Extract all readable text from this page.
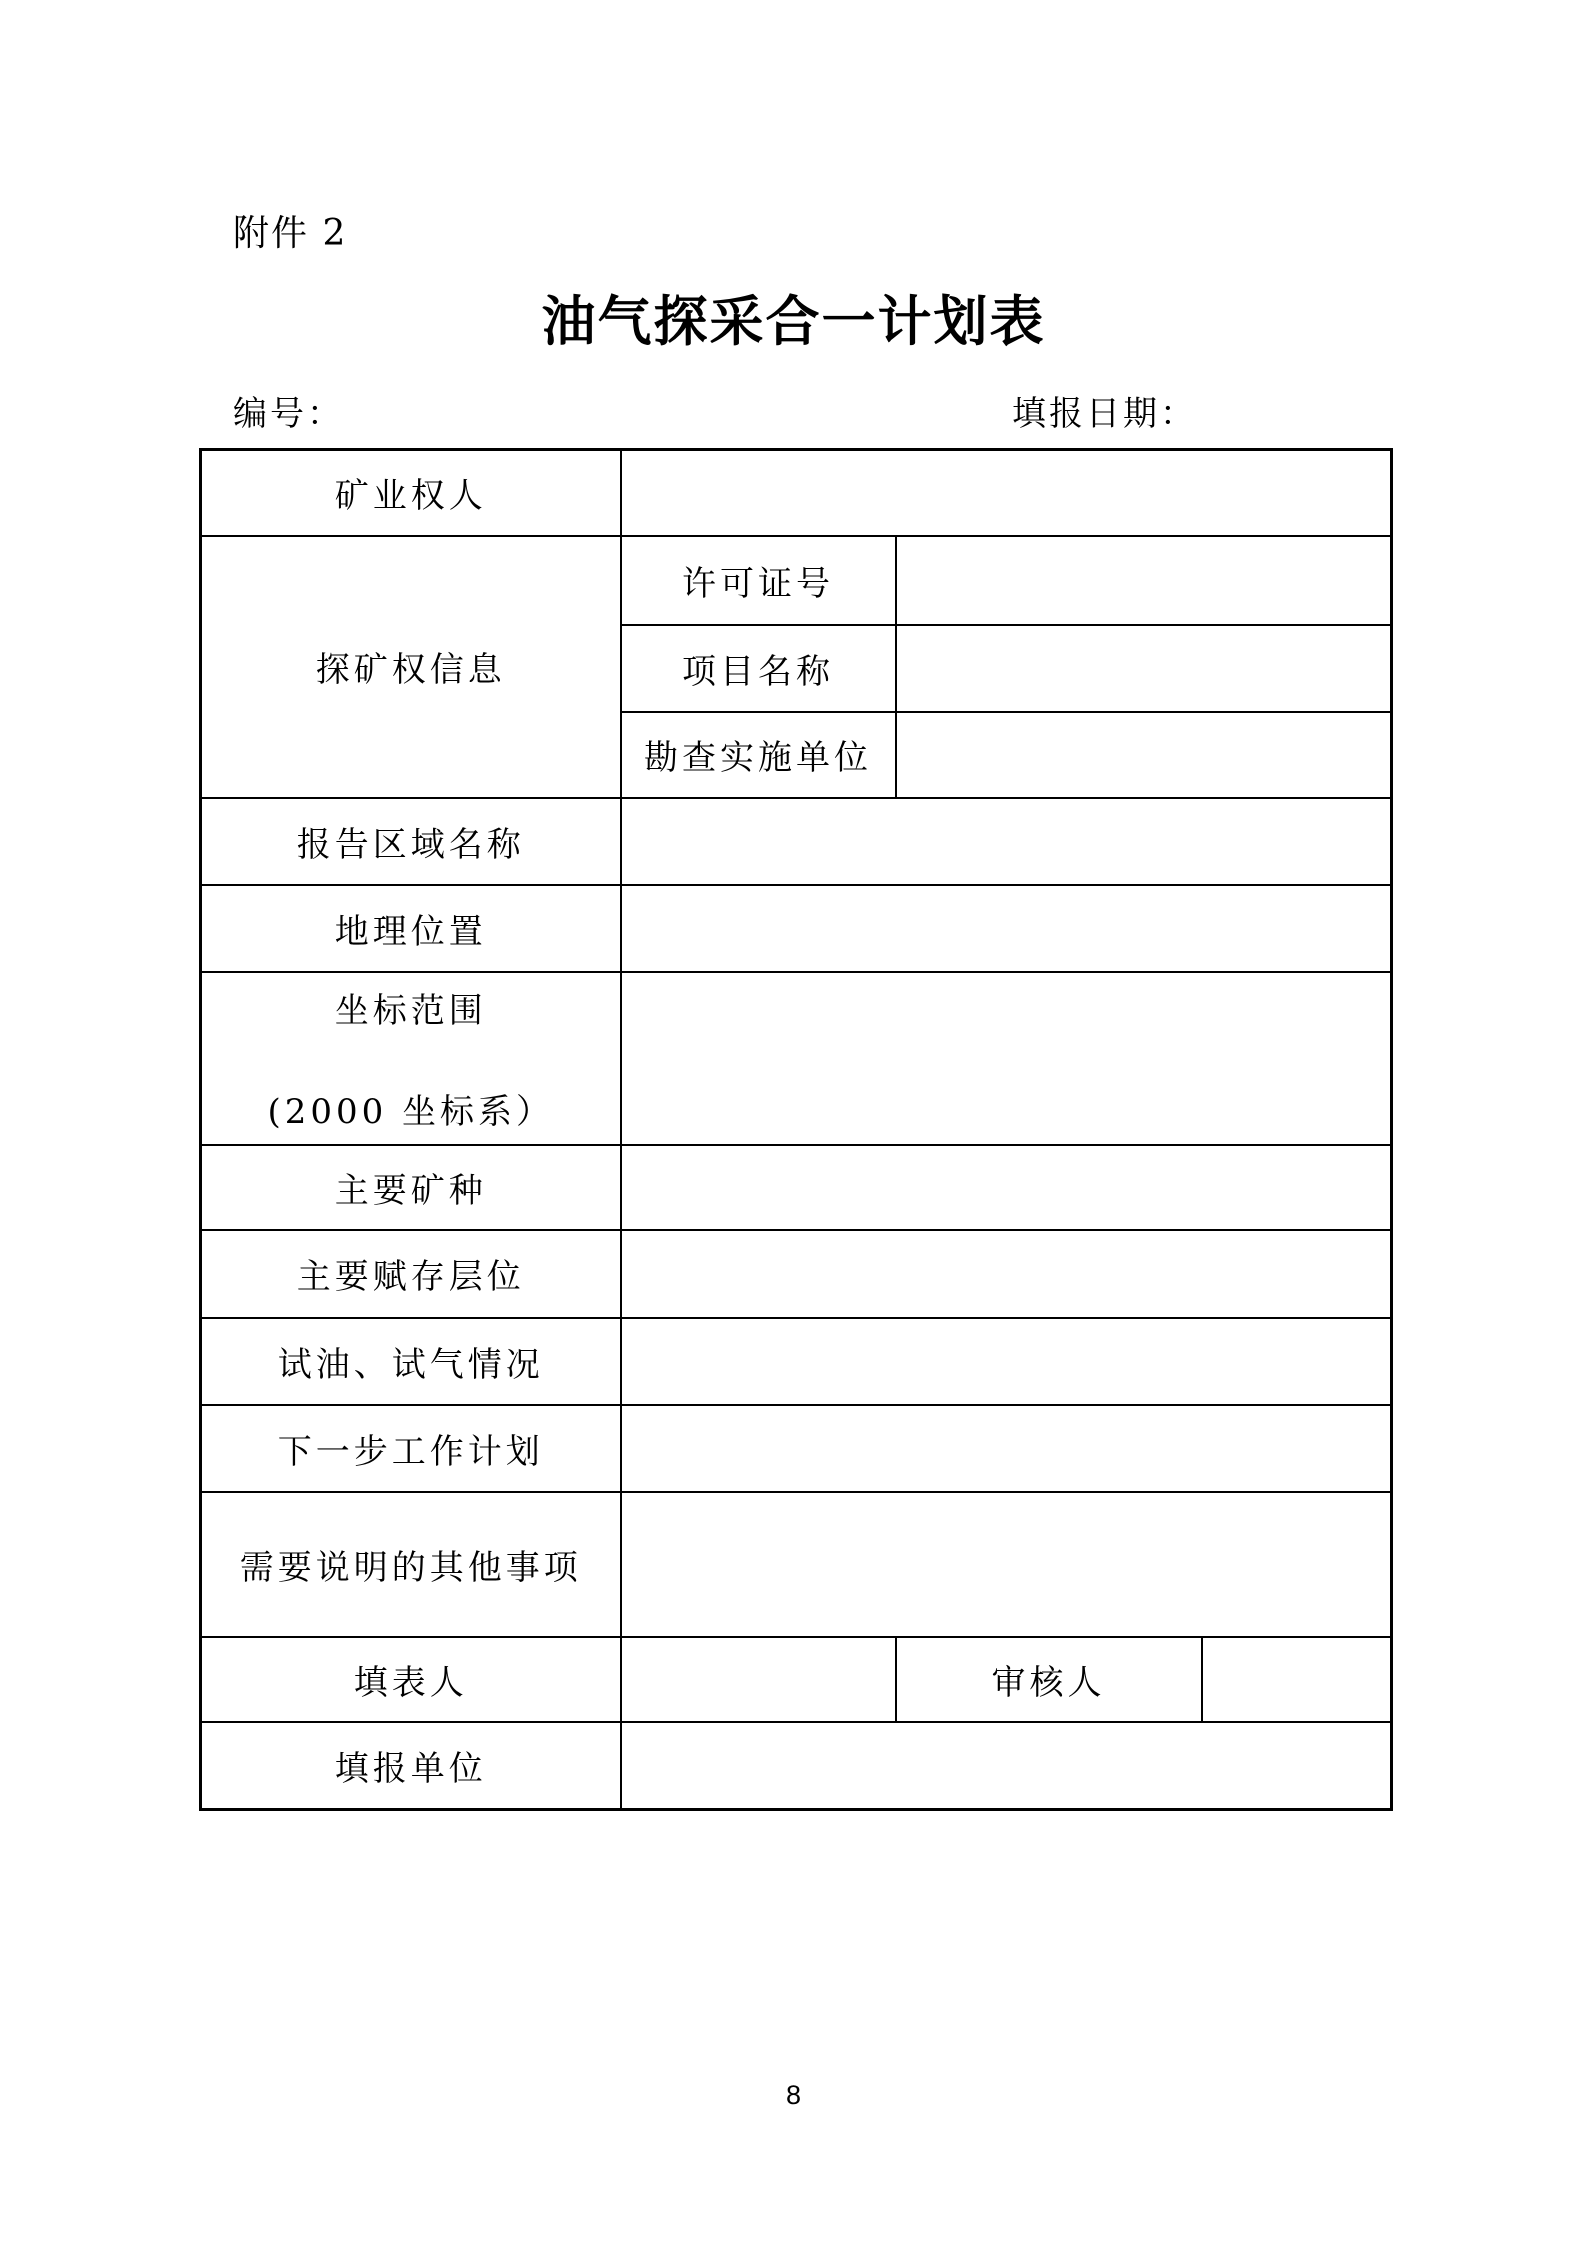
附件 2
油气探采合一计划表
编号：	填报日期：
矿业权人			
探矿权信息	许可证号		
	项目名称		
	勘查实施单位		
报告区域名称			
地理位置			

坐标范围
(2000 坐标系）			

主要矿种			
主要赋存层位			
试油、试气情况			
下一步工作计划			
需要说明的其他事项			
填表人		审核人	
填报单位			
8
